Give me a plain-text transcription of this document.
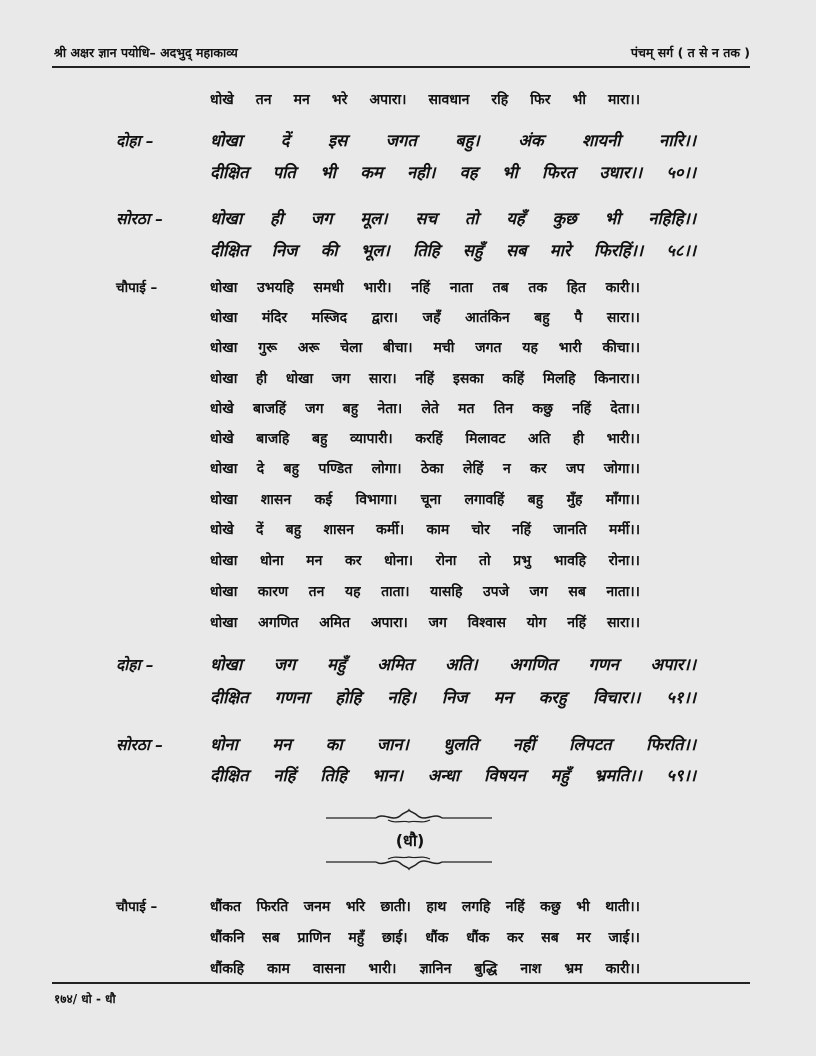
श्री अक्षर ज्ञान पयोधि– अदभुद् महाकाव्य	पंचम् सर्ग ( त से न तक )
धोखे तन मन भरे अपारा। सावधान रहि फिर भी मारा।।
दोहा –	धोखा दें इस जगत बहु। अंक शायनी नारि।।
दीक्षित पति भी कम नही। वह भी फिरत उधार।। ५०।।
सोरठा –	धोखा ही जग मूल। सच तो यहँ कुछ भी नहिहि।।
दीक्षित निज की भूल। तिहि सहुँ सब मारे फिरहिं।। ५८।।
चौपाई –	धोखा उभयहि समधी भारी। नहिं नाता तब तक हित कारी।।
धोखा मंदिर मस्जिद द्वारा। जहँ आतंकिन बहु पै सारा।।
धोखा गुरू अरू चेला बीचा। मची जगत यह भारी कीचा।।
धोखा ही धोखा जग सारा। नहिं इसका कहिं मिलहि किनारा।।
धोखे बाजहिं जग बहु नेता। लेते मत तिन कछु नहिं देता।।
धोखे बाजहि बहु व्यापारी। करहिं मिलावट अति ही भारी।।
धोखा दे बहु पण्डित लोगा। ठेका लेहिं न कर जप जोगा।।
धोखा शासन कई विभागा। चूना लगावहिं बहु मुँह माँगा।।
धोखे दें बहु शासन कर्मी। काम चोर नहिं जानति मर्मी।।
धोखा धोना मन कर धोना। रोना तो प्रभु भावहि रोना।।
धोखा कारण तन यह ताता। यासहि उपजे जग सब नाता।।
धोखा अगणित अमित अपारा। जग विश्वास योग नहिं सारा।।
दोहा –	धोखा जग महुँ अमित अति। अगणित गणन अपार।।
दीक्षित गणना होहि नहि। निज मन करहु विचार।। ५१।।
सोरठा –	धोना मन का जान। धुलति नहीं लिपटत फिरति।।
दीक्षित नहिं तिहि भान। अन्धा विषयन महुँ भ्रमति।। ५९।।
(धौ)
चौपाई –	धौंकत फिरति जनम भरि छाती। हाथ लगहि नहिं कछु भी थाती।।
धौंकनि सब प्राणिन महुँ छाई। धौंक धौंक कर सब मर जाई।।
धौंकहि काम वासना भारी। ज्ञानिन बुद्धि नाश भ्रम कारी।।
१७४/ धो - धौ
